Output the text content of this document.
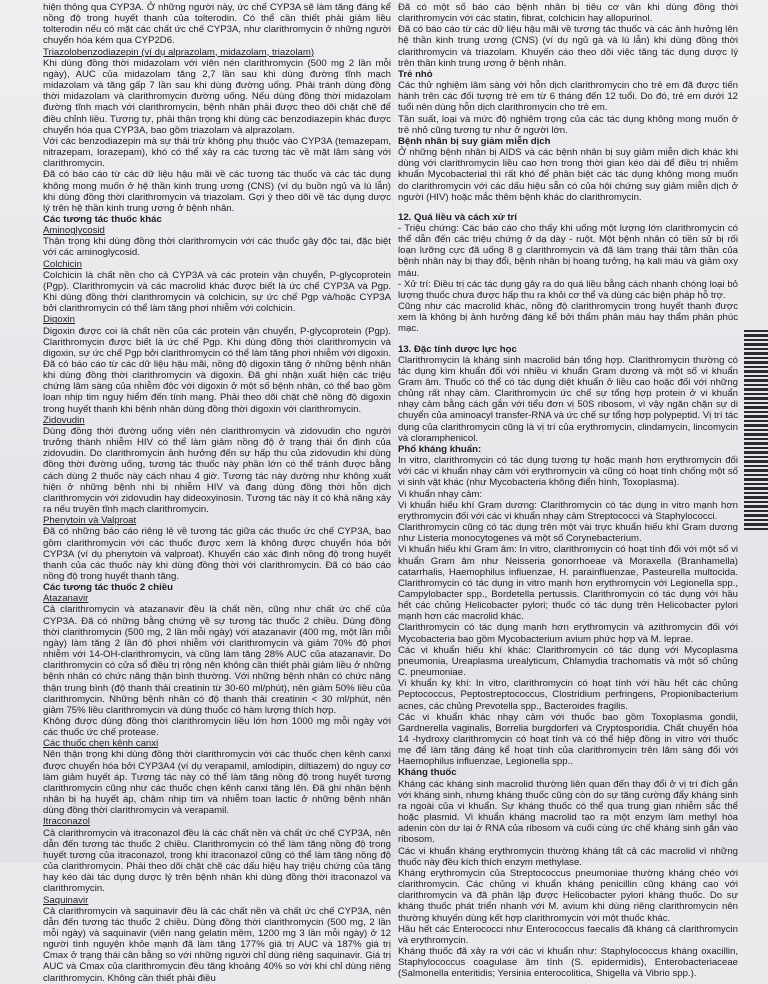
hiện thông qua CYP3A. Ở những người này, ức chế CYP3A sẽ làm tăng đáng kể nồng độ trong huyết thanh của tolterodin. Có thể cần thiết phải giảm liều tolterodin nếu có mặt các chất ức chế CYP3A, như clarithromycin ở những người chuyển hóa kém qua CYP2D6.

Triazolobenzodiazepin (ví dụ alprazolam, midazolam, triazolam)

Khi dùng đồng thời midazolam với viên nén clarithromycin (500 mg 2 lần mỗi ngày), AUC của midazolam tăng 2,7 lần sau khi dùng đường tĩnh mạch midazolam và tăng gấp 7 lần sau khi dùng đường uống. Phải tránh dùng đồng thời midazolam và clarithromycin đường uống. Nếu dùng đồng thời midazolam đường tĩnh mạch với clarithromycin, bệnh nhân phải được theo dõi chặt chẽ để điều chỉnh liều. Tương tự, phải thận trọng khi dùng các benzodiazepin khác được chuyển hóa qua CYP3A, bao gồm triazolam và alprazolam.

Với các benzodiazepin mà sự thải trừ không phụ thuộc vào CYP3A (temazepam, nitrazepam, lorazepam), khó có thể xảy ra các tương tác về mặt lâm sàng với clarithromycin.

Đã có báo cáo từ các dữ liệu hậu mãi về các tương tác thuốc và các tác dụng không mong muốn ở hệ thần kinh trung ương (CNS) (ví dụ buồn ngủ và lú lẫn) khi dùng đồng thời clarithromycin và triazolam. Gợi ý theo dõi về tác dụng dược lý trên hệ thần kinh trung ương ở bệnh nhân.

Các tương tác thuốc khác

Aminoglycosid

Thận trọng khi dùng đồng thời clarithromycin với các thuốc gây độc tai, đặc biệt với các aminoglycosid.

Colchicin

Colchicin là chất nền cho cả CYP3A và các protein vận chuyển, P-glycoprotein (Pgp). Clarithromycin và các macrolid khác được biết là ức chế CYP3A và Pgp. Khi dùng đồng thời clarithromycin và colchicin, sự ức chế Pgp và/hoặc CYP3A bởi clarithromycin có thể làm tăng phơi nhiễm với colchicin.

Digoxin

Digoxin được coi là chất nền của các protein vận chuyển, P-glycoprotein (Pgp). Clarithromycin được biết là ức chế Pgp. Khi dùng đồng thời clarithromycin và digoxin, sự ức chế Pgp bởi clarithromycin có thể làm tăng phơi nhiễm với digoxin. Đã có báo cáo từ các dữ liệu hậu mãi, nồng độ digoxin tăng ở những bệnh nhân khi dùng đồng thời clarithromycin và digoxin. Đã ghi nhận xuất hiện các triệu chứng lâm sàng của nhiễm độc với digoxin ở một số bệnh nhân, có thể bao gồm loạn nhịp tim nguy hiểm đến tính mạng. Phải theo dõi chặt chẽ nồng độ digoxin trong huyết thanh khi bệnh nhân dùng đồng thời digoxin với clarithromycin.

Zidovudin

Dùng đồng thời đường uống viên nén clarithromycin và zidovudin cho người trưởng thành nhiễm HIV có thể làm giảm nồng độ ở trạng thái ổn định của zidovudin. Do clarithromycin ảnh hưởng đến sự hấp thu của zidovudin khi dùng đồng thời đường uống, tương tác thuốc này phần lớn có thể tránh được bằng cách dùng 2 thuốc này cách nhau 4 giờ. Tương tác này dường như không xuất hiện ở những bệnh nhi bị nhiễm HIV và đang dùng đồng thời hỗn dịch clarithromycin với zidovudin hay dideoxyinosin. Tương tác này ít có khả năng xảy ra nếu truyền tĩnh mạch clarithromycin.

Phenytoin và Valproat

Đã có những báo cáo riêng lẻ về tương tác giữa các thuốc ức chế CYP3A, bao gồm clarithromycin với các thuốc được xem là không được chuyển hóa bởi CYP3A (ví dụ phenytoin và valproat). Khuyến cáo xác định nồng độ trong huyết thanh của các thuốc này khi dùng đồng thời với clarithromycin. Đã có báo cáo nồng độ trong huyết thanh tăng.

Các tương tác thuốc 2 chiều

Atazanavir

Cả clarithromycin và atazanavir đều là chất nền, cũng như chất ức chế của CYP3A. Đã có những bằng chứng về sự tương tác thuốc 2 chiều. Dùng đồng thời clarithromycin (500 mg, 2 lần mỗi ngày) với atazanavir (400 mg, một lần mỗi ngày) làm tăng 2 lần độ phơi nhiễm với clarithromycin và giảm 70% độ phơi nhiễm với 14-OH-clarithromycin, và cũng làm tăng 28% AUC của atazanavir. Do clarithromycin có cửa sổ điều trị rộng nên không cần thiết phải giảm liều ở những bệnh nhân có chức năng thận bình thường. Với những bệnh nhân có chức năng thận trung bình (độ thanh thải creatinin từ 30-60 ml/phút), nên giảm 50% liều của clarithromycin. Những bệnh nhân có độ thanh thải creatinin < 30 ml/phút, nên giảm 75% liều clarithromycin và dùng thuốc có hàm lượng thích hợp.

Không được dùng đồng thời clarithromycin liều lớn hơn 1000 mg mỗi ngày với các thuốc ức chế protease.

Các thuốc chẹn kênh canxi

Nên thận trọng khi dùng đồng thời clarithromycin với các thuốc chẹn kênh canxi được chuyển hóa bởi CYP3A4 (ví dụ verapamil, amlodipin, diltiazem) do nguy cơ làm giảm huyết áp. Tương tác này có thể làm tăng nồng độ trong huyết tương clarithromycin cũng như các thuốc chẹn kênh canxi tăng lên. Đã ghi nhận bệnh nhân bị hạ huyết áp, chậm nhịp tim và nhiễm toan lactic ở những bệnh nhân dùng đồng thời clarithromycin và verapamil.

Itraconazol

Cả clarithromycin và itraconazol đều là các chất nền và chất ức chế CYP3A, nên dẫn đến tương tác thuốc 2 chiều. Clarithromycin có thể làm tăng nồng độ trong huyết tương của itraconazol, trong khi itraconazol cũng có thể làm tăng nồng độ của clarithromycin. Phải theo dõi chặt chẽ các dấu hiệu hay triệu chứng của tăng hay kéo dài tác dụng dược lý trên bệnh nhân khi dùng đồng thời itraconazol và clarithromycin.

Saquinavir

Cả clarithromycin và saquinavir đều là các chất nền và chất ức chế CYP3A, nên dẫn đến tương tác thuốc 2 chiều. Dùng đồng thời clarithromycin (500 mg, 2 lần mỗi ngày) và saquinavir (viên nang gelatin mềm, 1200 mg 3 lần mỗi ngày) ở 12 người tình nguyện khỏe mạnh đã làm tăng 177% giá trị AUC và 187% giá trị Cmax ở trạng thái cân bằng so với những người chỉ dùng riêng saquinavir. Giá trị AUC và Cmax của clarithromycin đều tăng khoảng 40% so với khi chỉ dùng riêng clarithromycin. Không cần thiết phải điều

Đã có một số báo cáo bệnh nhân bị tiêu cơ vân khi dùng đồng thời clarithromycin với các statin, fibrat, colchicin hay allopurinol.

Đã có báo cáo từ các dữ liệu hậu mãi về tương tác thuốc và các ảnh hưởng lên hệ thần kinh trung ương (CNS) (ví dụ ngủ gà và lú lẫn) khi dùng đồng thời clarithromycin và triazolam. Khuyến cáo theo dõi việc tăng tác dụng dược lý trên thần kinh trung ương ở bệnh nhân.

Trẻ nhỏ

Các thử nghiệm lâm sàng với hỗn dịch clarithromycin cho trẻ em đã được tiến hành trên các đối tượng trẻ em từ 6 tháng đến 12 tuổi. Do đó, trẻ em dưới 12 tuổi nên dùng hỗn dịch clarithromycin cho trẻ em.

Tần suất, loại và mức độ nghiêm trọng của các tác dụng không mong muốn ở trẻ nhỏ cũng tương tự như ở người lớn.

Bệnh nhân bị suy giảm miễn dịch

Ở những bệnh nhân bị AIDS và các bệnh nhân bị suy giảm miễn dịch khác khi dùng với clarithromycin liều cao hơn trong thời gian kéo dài để điều trị nhiễm khuẩn Mycobacterial thì rất khó để phân biệt các tác dụng không mong muốn do clarithromycin với các dấu hiệu sẵn có của hội chứng suy giảm miễn dịch ở người (HIV) hoặc mắc thêm bệnh khác do clarithromycin.

12. Quá liều và cách xử trí

- Triệu chứng: Các báo cáo cho thấy khi uống một lượng lớn clarithromycin có thể dẫn đến các triệu chứng ở dạ dày - ruột. Một bệnh nhân có tiền sử bị rối loạn lưỡng cực đã uống 8 g clarithromycin và đã làm trạng thái tâm thần của bệnh nhân này bị thay đổi, bệnh nhân bị hoang tưởng, hạ kali máu và giảm oxy máu.

- Xử trí: Điều trị các tác dụng gây ra do quá liều bằng cách nhanh chóng loại bỏ lượng thuốc chưa được hấp thu ra khỏi cơ thể và dùng các biện pháp hỗ trợ.

Cũng như các macrolid khác, nồng độ clarithromycin trong huyết thanh được xem là không bị ảnh hưởng đáng kể bởi thẩm phân máu hay thẩm phân phúc mạc.

13. Đặc tính dược lực học

Clarithromycin là kháng sinh macrolid bán tổng hợp. Clarithromycin thường có tác dụng kìm khuẩn đối với nhiều vi khuẩn Gram dương và một số vi khuẩn Gram âm. Thuốc có thể có tác dụng diệt khuẩn ở liều cao hoặc đối với những chủng rất nhạy cảm. Clarithromycin ức chế sự tổng hợp protein ở vi khuẩn nhạy cảm bằng cách gắn với tiểu đơn vị 50S ribosom, vì vậy ngăn chặn sự di chuyển của aminoacyl transfer-RNA và ức chế sự tổng hợp polypeptid. Vị trí tác dụng của clarithromycin cũng là vị trí của erythromycin, clindamycin, lincomycin và cloramphenicol.

Phổ kháng khuẩn:

In vitro, clarithromycin có tác dụng tương tự hoặc mạnh hơn erythromycin đối với các vi khuẩn nhạy cảm với erythromycin và cũng có hoạt tính chống một số vi sinh vật khác (như Mycobacteria không điển hình, Toxoplasma).

Vi khuẩn nhạy cảm:

Vi khuẩn hiếu khí Gram dương: Clarithromycin có tác dụng in vitro mạnh hơn erythromycin đối với các vi khuẩn nhạy cảm Streptococci và Staphylococci.

Clarithromycin cũng có tác dụng trên một vài trực khuẩn hiếu khí Gram dương như Listeria monocytogenes và một số Corynebacterium.

Vi khuẩn hiếu khí Gram âm: In vitro, clarithromycin có hoạt tính đối với một số vi khuẩn Gram âm như Neisseria gonorrhoeae và Moraxella (Branhamella) catarrhalis, Haemophilus influenzae, H. parainfluenzae, Pasteurella multocida. Clarithromycin có tác dụng in vitro mạnh hơn erythromycin với Legionella spp., Campylobacter spp., Bordetella pertussis. Clarithromycin có tác dụng với hầu hết các chủng Helicobacter pylori; thuốc có tác dụng trên Helicobacter pylori mạnh hơn các macrolid khác.

Clarithromycin có tác dụng mạnh hơn erythromycin và azithromycin đối với Mycobacteria bao gồm Mycobacterium avium phức hợp và M. leprae.

Các vi khuẩn hiếu khí khác: Clarithromycin có tác dụng với Mycoplasma pneumonia, Ureaplasma urealyticum, Chlamydia trachomatis và một số chủng C. pneumoniae.

Vi khuẩn kỵ khí: In vitro, clarithromycin có hoạt tính với hầu hết các chủng Peptococcus, Peptostreptococcus, Clostridium perfringens, Propionibacterium acnes, các chủng Prevotella spp., Bacteroides fragilis.

Các vi khuẩn khác nhạy cảm với thuốc bao gồm Toxoplasma gondii, Gardnerella vaginalis, Borrelia burgdorferi và Cryptosporidia. Chất chuyển hóa 14 -hydroxy clarithromycin có hoạt tính và có thể hiệp đồng in vitro với thuốc mẹ để làm tăng đáng kể hoạt tính của clarithromycin trên lâm sàng đối với Haemophilus influenzae, Legionella spp..

Kháng thuốc

Kháng các kháng sinh macrolid thường liên quan đến thay đổi ở vị trí đích gắn với kháng sinh, nhưng kháng thuốc cũng còn do sự tăng cường đẩy kháng sinh ra ngoài của vi khuẩn. Sự kháng thuốc có thể qua trung gian nhiễm sắc thể hoặc plasmid. Vi khuẩn kháng macrolid tạo ra một enzym làm methyl hóa adenin còn dư lại ở RNA của ribosom và cuối cùng ức chế kháng sinh gắn vào ribosom.

Các vi khuẩn kháng erythromycin thường kháng tất cả các macrolid vì những thuốc này đều kích thích enzym methylase.

Kháng erythromycin của Streptococcus pneumoniae thường kháng chéo với clarithromycin. Các chủng vi khuẩn kháng penicillin cũng kháng cao với clarithromycin và đã phân lập được Helicobacter pylori kháng thuốc. Do sự kháng thuốc phát triển nhanh với M. avium khi dùng riêng clarithromycin nên thường khuyến dùng kết hợp clarithromycin với một thuốc khác.

Hầu hết các Enterococci như Enterococcus faecalis đã kháng cả clarithromycin và erythromycin.

Kháng thuốc đã xảy ra với các vi khuẩn như: Staphylococcus kháng oxacillin, Staphylococcus coagulase âm tính (S. epidermidis), Enterobacteriaceae (Salmonella enteritidis; Yersinia enterocolitica, Shigella và Vibrio spp.).
